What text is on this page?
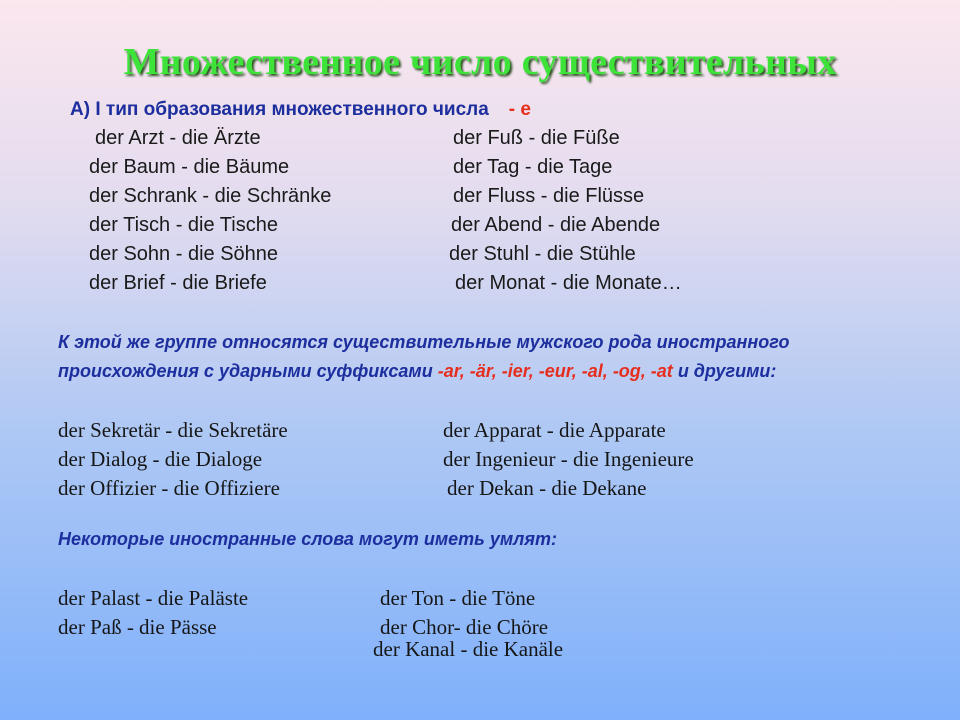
Множественное число существительных
А) I тип образования множественного числа - e
der Arzt - die Ärzte
der Baum - die Bäume
der Schrank - die Schränke
der Tisch - die Tische
der Sohn - die Söhne
der Brief - die Briefe
der Fuß - die Füße
der Tag - die Tage
der Fluss - die Flüsse
der Abend - die Abende
der Stuhl - die Stühle
der Monat - die Monate…
К этой же группе относятся существительные мужского рода иностранного
происхождения с ударными суффиксами -ar, -är, -ier, -eur, -al, -og, -at и другими:
der Sekretär - die Sekretäre
der Dialog - die Dialoge
der Offizier - die Offiziere
der Apparat - die Apparate
der Ingenieur - die Ingenieure
der Dekan - die Dekane
Некоторые иностранные слова могут иметь умлят:
der Palast - die Paläste
der Paß - die Pässe
der Ton - die Töne
der Chor- die Chöre
der Kanal - die Kanäle
